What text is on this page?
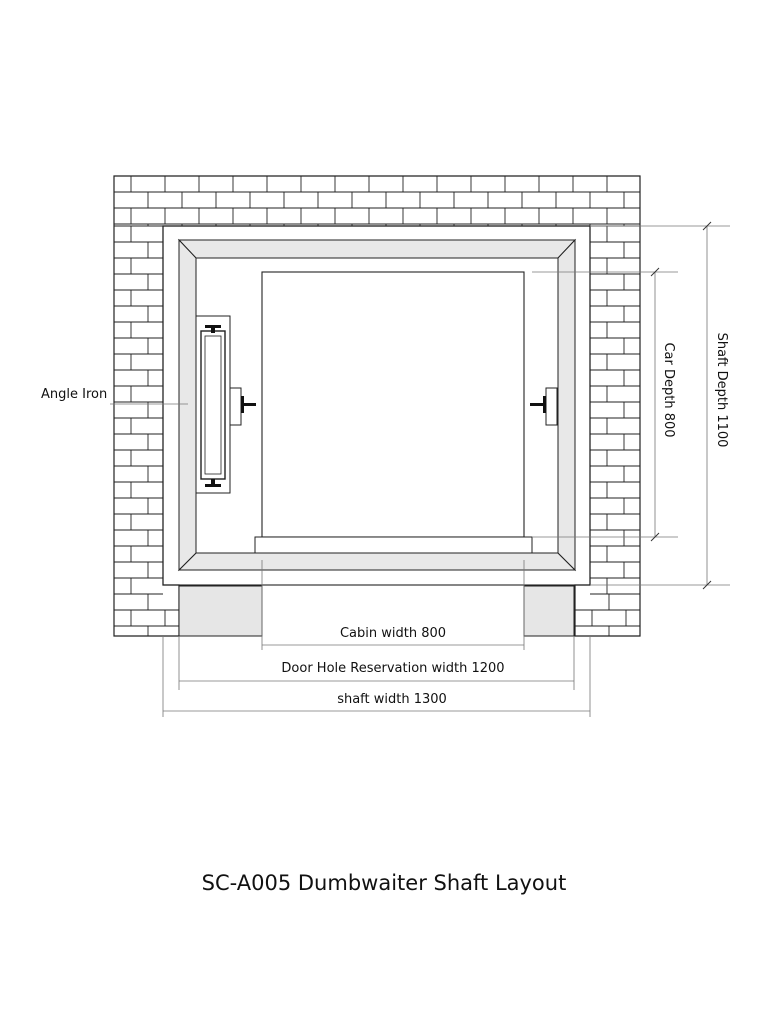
Angle Iron	Car Depth 800	Shaft Depth 1100
Cabin width 800
Door Hole Reservation width 1200
shaft width 1300
SC-A005 Dumbwaiter Shaft Layout
